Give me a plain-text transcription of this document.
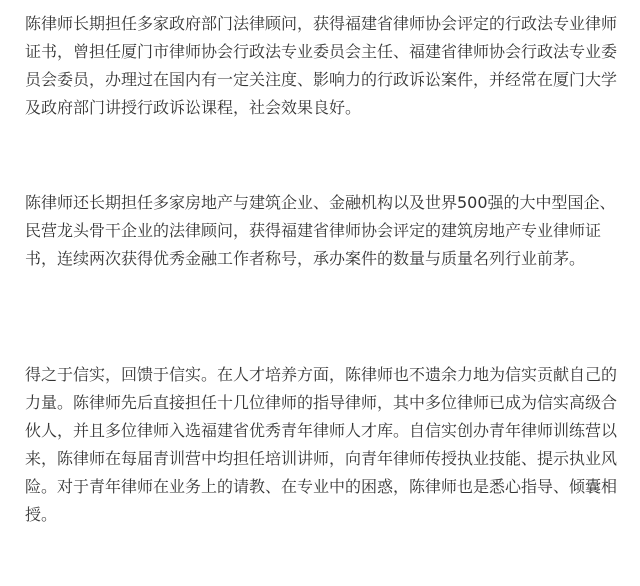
陈律师长期担任多家政府部门法律顾问，获得福建省律师协会评定的行政法专业律师证书，曾担任厦门市律师协会行政法专业委员会主任、福建省律师协会行政法专业委员会委员，办理过在国内有一定关注度、影响力的行政诉讼案件，并经常在厦门大学及政府部门讲授行政诉讼课程，社会效果良好。

陈律师还长期担任多家房地产与建筑企业、金融机构以及世界500强的大中型国企、民营龙头骨干企业的法律顾问，获得福建省律师协会评定的建筑房地产专业律师证书，连续两次获得优秀金融工作者称号，承办案件的数量与质量名列行业前茅。

得之于信实，回馈于信实。在人才培养方面，陈律师也不遗余力地为信实贡献自己的力量。陈律师先后直接担任十几位律师的指导律师，其中多位律师已成为信实高级合伙人，并且多位律师入选福建省优秀青年律师人才库。自信实创办青年律师训练营以来，陈律师在每届青训营中均担任培训讲师，向青年律师传授执业技能、提示执业风险。对于青年律师在业务上的请教、在专业中的困惑，陈律师也是悉心指导、倾囊相授。
